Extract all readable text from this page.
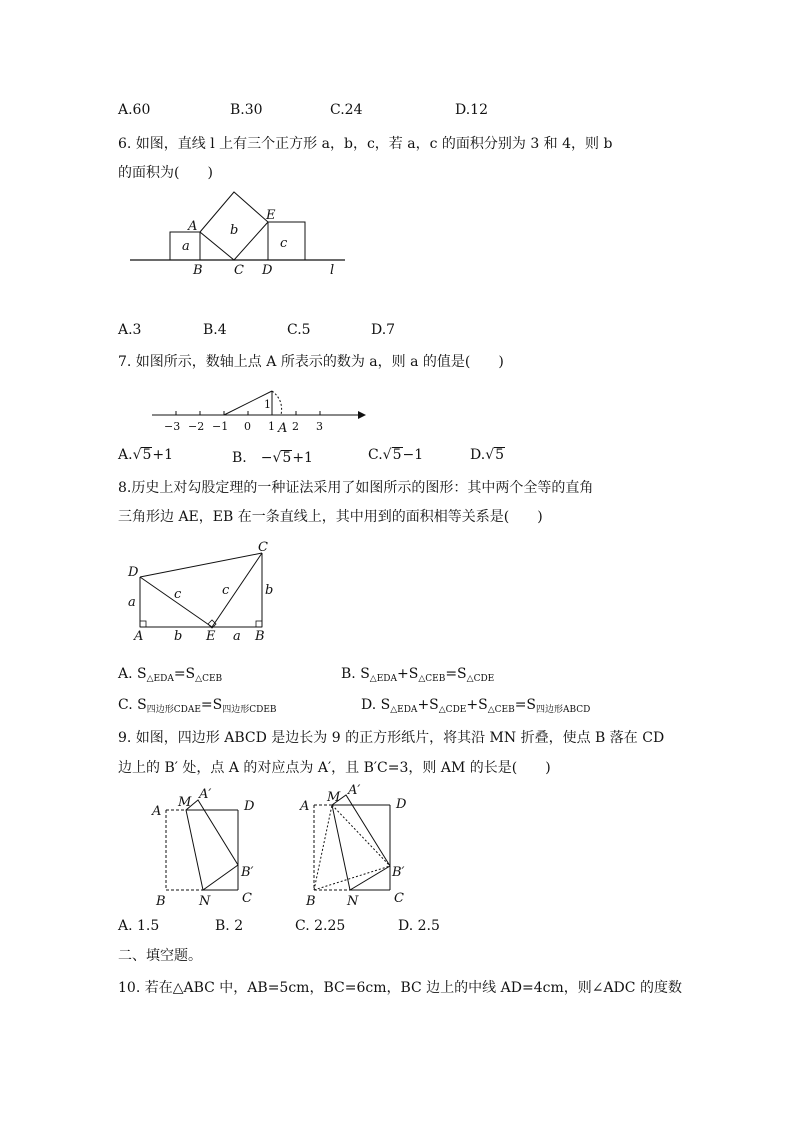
A.60	B.30	C.24	D.12
6. 如图，直线 l 上有三个正方形 a，b，c，若 a，c 的面积分别为 3 和 4，则 b
的面积为(　　)
A
E
a
b
c
B C D	l
A.3	B.4	C.5	D.7
7. 如图所示，数轴上点 A 所表示的数为 a，则 a 的值是(　　)
−3 −2 −1 0 1 2 3
1
A
A.√5+1	B.　−√5+1	C.√5−1	D.√5
8.历史上对勾股定理的一种证法采用了如图所示的图形：其中两个全等的直角
三角形边 AE，EB 在一条直线上，其中用到的面积相等关系是(　　)
C
D
c	c
a
b
A b E a B
A. $S_{\triangle EDA}=S_{\triangle CEB}$	B. $S_{\triangle EDA}+S_{\triangle CEB}=S_{\triangle CDE}$
C. $S_{四边形CDAE}=S_{四边形CDEB}$	D. $S_{\triangle EDA}+S_{\triangle CDE}+S_{\triangle CEB}=S_{四边形ABCD}$
9. 如图，四边形 ABCD 是边长为 9 的正方形纸片，将其沿 MN 折叠，使点 B 落在 CD
边上的 B′ 处，点 A 的对应点为 A′，且 B′C=3，则 AM 的长是(　　)
A
M
A′
D
B′
B	N C
A
M A′
D
B′
B N	C
A. 1.5	B. 2	C. 2.25	D. 2.5
二、填空题。
10. 若在△ABC 中，AB=5cm，BC=6cm，BC 边上的中线 AD=4cm，则∠ADC 的度数
